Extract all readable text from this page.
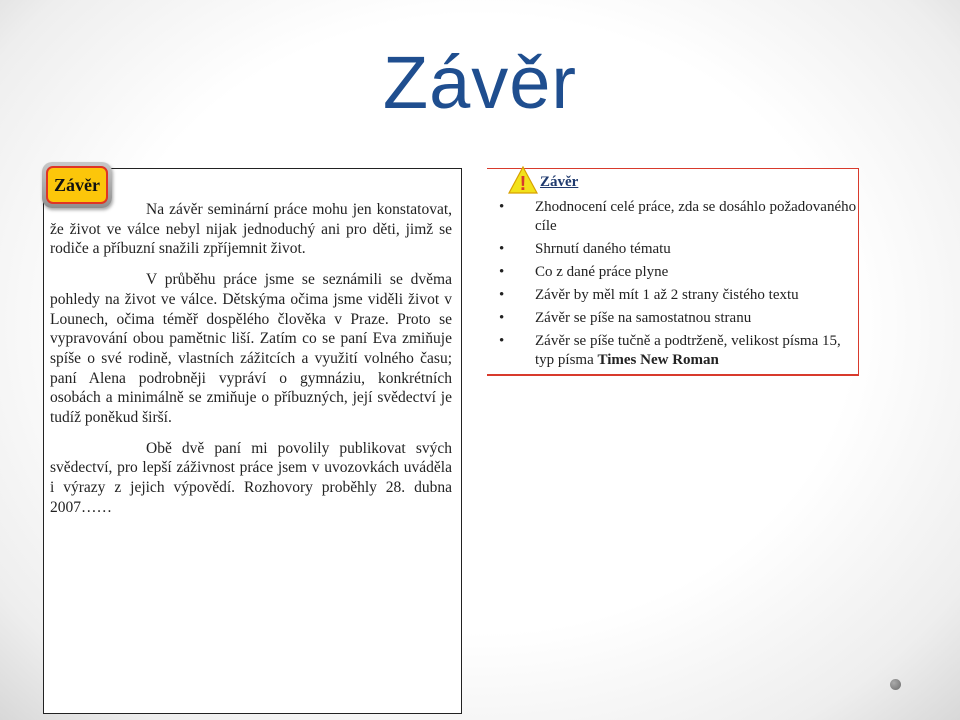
Závěr
Závěr

Na závěr seminární práce mohu jen konstatovat, že život ve válce nebyl nijak jednoduchý ani pro děti, jimž se rodiče a příbuzní snažili zpříjemnit život.

V průběhu práce jsme se seznámili se dvěma pohledy na život ve válce. Dětskýma očima jsme viděli život v Lounech, očima téměř dospělého člověka v Praze. Proto se vypravování obou pamětnic liší. Zatím co se paní Eva zmiňuje spíše o své rodině, vlastních zážitcích a využití volného času; paní Alena podrobněji vypráví o gymnáziu, konkrétních osobách a minimálně se zmiňuje o příbuzných, její svědectví je tudíž poněkud širší.

Obě dvě paní mi povolily publikovat svých svědectví, pro lepší záživnost práce jsem v uvozovkách uváděla i výrazy z jejich výpovědí. Rozhovory proběhly 28. dubna 2007……

! Závěr
• Zhodnocení celé práce, zda se dosáhlo požadovaného cíle
• Shrnutí daného tématu
• Co z dané práce plyne
• Závěr by měl mít 1 až 2 strany čistého textu
• Závěr se píše na samostatnou stranu
• Závěr se píše tučně a podtrženě, velikost písma 15, typ písma Times New Roman
